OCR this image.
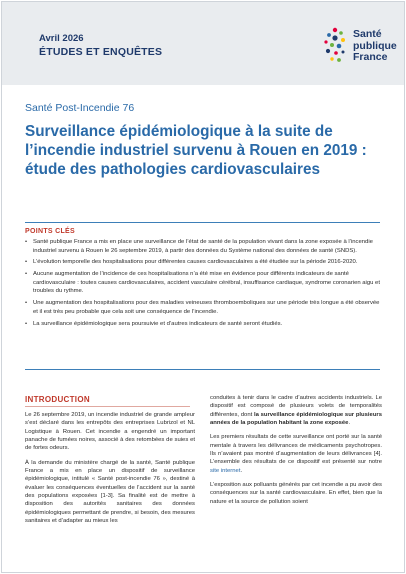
Avril 2026
ÉTUDES ET ENQUÊTES
Santé
publique
France
Santé Post-Incendie 76
Surveillance épidémiologique à la suite de l’incendie industriel survenu à Rouen en 2019 : étude des pathologies cardiovasculaires
POINTS CLÉS
• Santé publique France a mis en place une surveillance de l’état de santé de la population vivant dans la zone exposée à l’incendie industriel survenu à Rouen le 26 septembre 2019, à partir des données du Système national des données de santé (SNDS).
• L’évolution temporelle des hospitalisations pour différentes causes cardiovasculaires a été étudiée sur la période 2016-2020.
• Aucune augmentation de l’incidence de ces hospitalisations n’a été mise en évidence pour différents indicateurs de santé cardiovasculaire : toutes causes cardiovasculaires, accident vasculaire cérébral, insuffisance cardiaque, syndrome coronarien aigu et troubles du rythme.
• Une augmentation des hospitalisations pour des maladies veineuses thromboemboliques sur une période très longue a été observée et il est très peu probable que cela soit une conséquence de l’incendie.
• La surveillance épidémiologique sera poursuivie et d’autres indicateurs de santé seront étudiés.
INTRODUCTION

Le 26 septembre 2019, un incendie industriel de grande ampleur s’est déclaré dans les entrepôts des entreprises Lubrizol et NL Logistique à Rouen. Cet incendie a engendré un important panache de fumées noires, associé à des retombées de suies et de fortes odeurs.

À la demande du ministère chargé de la santé, Santé publique France a mis en place un dispositif de surveillance épidémiologique, intitulé « Santé post-incendie 76 », destiné à évaluer les conséquences éventuelles de l’accident sur la santé des populations exposées [1-3]. Sa finalité est de mettre à disposition des autorités sanitaires des données épidémiologiques permettant de prendre, si besoin, des mesures sanitaires et d’adapter au mieux les

conduites à tenir dans le cadre d’autres accidents industriels. Le dispositif est composé de plusieurs volets de temporalités différentes, dont la surveillance épidémiologique sur plusieurs années de la population habitant la zone exposée.

Les premiers résultats de cette surveillance ont porté sur la santé mentale à travers les délivrances de médicaments psychotropes. Ils n’avaient pas montré d’augmentation de leurs délivrances [4]. L’ensemble des résultats de ce dispositif est présenté sur notre site internet.

L’exposition aux polluants générés par cet incendie a pu avoir des conséquences sur la santé cardiovasculaire. En effet, bien que la nature et la source de pollution soient
